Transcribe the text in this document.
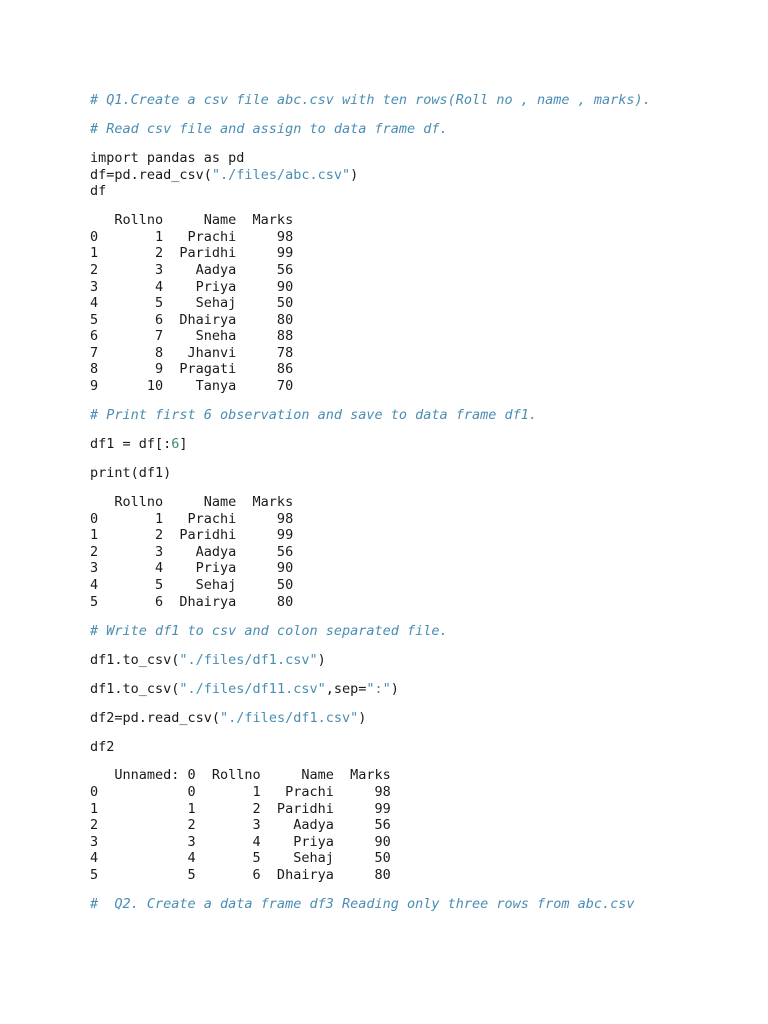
# Q1.Create a csv file abc.csv with ten rows(Roll no , name , marks).
# Read csv file and assign to data frame df.
import pandas as pd
df=pd.read_csv("./files/abc.csv")
df
Rollno     Name  Marks
0       1   Prachi     98
1       2  Paridhi     99
2       3    Aadya     56
3       4    Priya     90
4       5    Sehaj     50
5       6  Dhairya     80
6       7    Sneha     88
7       8   Jhanvi     78
8       9  Pragati     86
9      10    Tanya     70
# Print first 6 observation and save to data frame df1.
df1 = df[:6]
print(df1)
Rollno     Name  Marks
0       1   Prachi     98
1       2  Paridhi     99
2       3    Aadya     56
3       4    Priya     90
4       5    Sehaj     50
5       6  Dhairya     80
# Write df1 to csv and colon separated file.
df1.to_csv("./files/df1.csv")
df1.to_csv("./files/df11.csv",sep=":")
df2=pd.read_csv("./files/df1.csv")
df2
Unnamed: 0  Rollno     Name  Marks
0           0       1   Prachi     98
1           1       2  Paridhi     99
2           2       3    Aadya     56
3           3       4    Priya     90
4           4       5    Sehaj     50
5           5       6  Dhairya     80
#  Q2. Create a data frame df3 Reading only three rows from abc.csv
